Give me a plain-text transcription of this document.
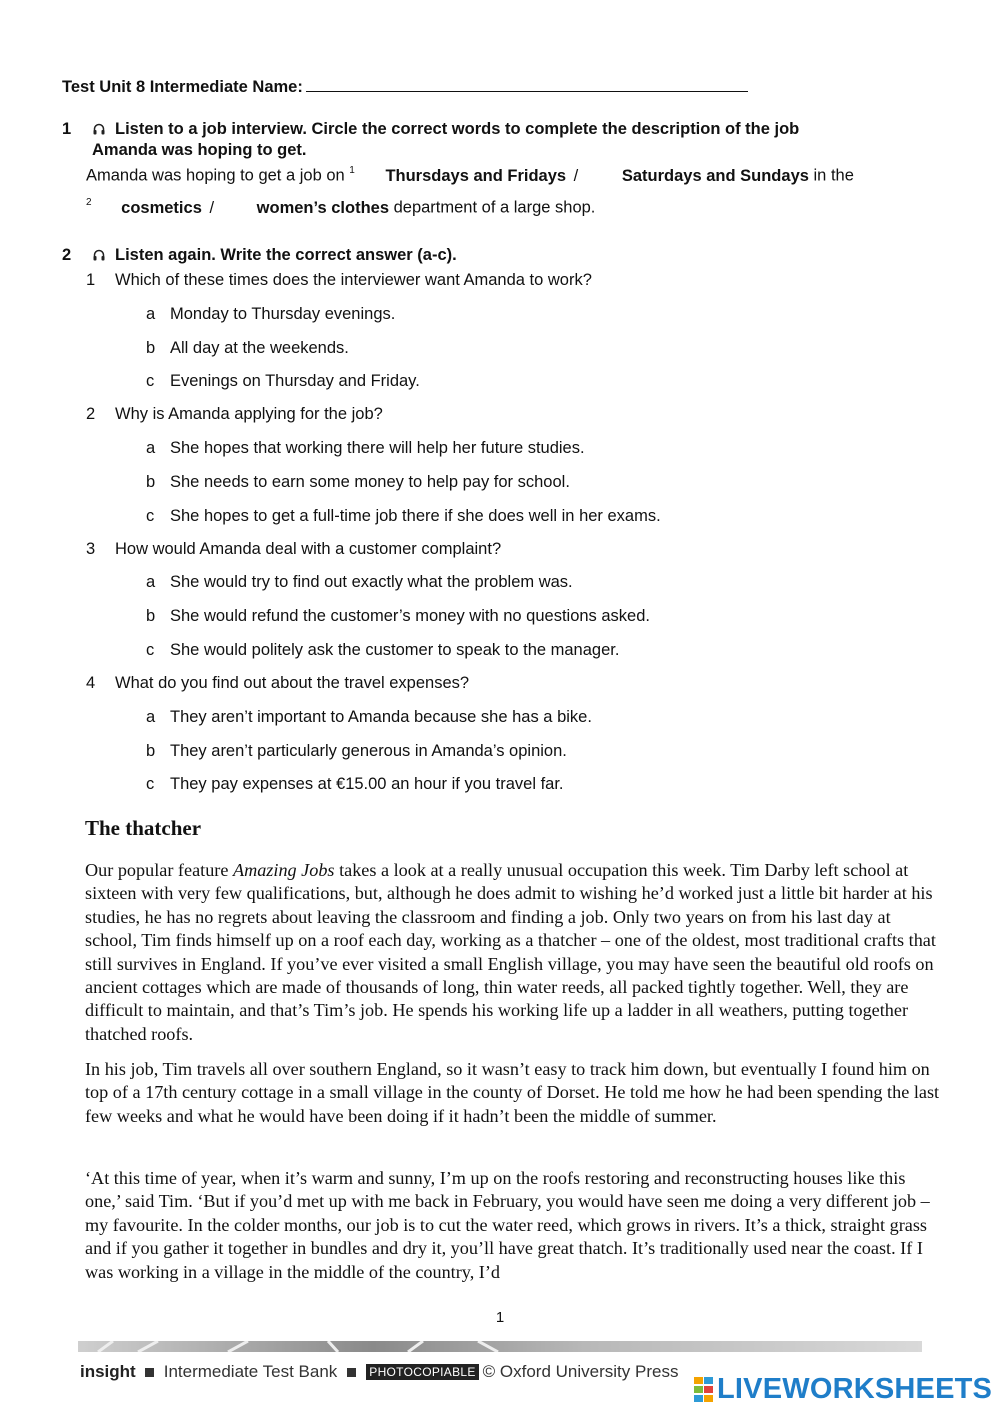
Test Unit 8 Intermediate Name:
1	Listen to a job interview. Circle the correct words to complete the description of the job
Amanda was hoping to get.
Amanda was hoping to get a job on $^1$ Thursdays and Fridays /	Saturdays and Sundays in the
$^2$ cosmetics /	women’s clothes department of a large shop.
2	Listen again. Write the correct answer (a-c).
1 Which of these times does the interviewer want Amanda to work?
a Monday to Thursday evenings.
b All day at the weekends.
c Evenings on Thursday and Friday.
2 Why is Amanda applying for the job?
a She hopes that working there will help her future studies.
b She needs to earn some money to help pay for school.
c She hopes to get a full-time job there if she does well in her exams.
3 How would Amanda deal with a customer complaint?
a She would try to find out exactly what the problem was.
b She would refund the customer’s money with no questions asked.
c She would politely ask the customer to speak to the manager.
4 What do you find out about the travel expenses?
a They aren’t important to Amanda because she has a bike.
b They aren’t particularly generous in Amanda’s opinion.
c They pay expenses at €15.00 an hour if you travel far.
The thatcher
Our popular feature Amazing Jobs takes a look at a really unusual occupation this week. Tim Darby left school at sixteen with very few qualifications, but, although he does admit to wishing he’d worked just a little bit harder at his studies, he has no regrets about leaving the classroom and finding a job. Only two years on from his last day at school, Tim finds himself up on a roof each day, working as a thatcher – one of the oldest, most traditional crafts that still survives in England. If you’ve ever visited a small English village, you may have seen the beautiful old roofs on ancient cottages which are made of thousands of long, thin water reeds, all packed tightly together. Well, they are difficult to maintain, and that’s Tim’s job. He spends his working life up a ladder in all weathers, putting together thatched roofs.
In his job, Tim travels all over southern England, so it wasn’t easy to track him down, but eventually I found him on top of a 17th century cottage in a small village in the county of Dorset. He told me how he had been spending the last few weeks and what he would have been doing if it hadn’t been the middle of summer.
‘At this time of year, when it’s warm and sunny, I’m up on the roofs restoring and reconstructing houses like this one,’ said Tim. ‘But if you’d met up with me back in February, you would have seen me doing a very different job – my favourite. In the colder months, our job is to cut the water reed, which grows in rivers. It’s a thick, straight grass and if you gather it together in bundles and dry it, you’ll have great thatch. It’s traditionally used near the coast. If I was working in a village in the middle of the country, I’d
1
insight Intermediate Test Bank	PHOTOCOPIABLE © Oxford University Press
LIVEWORKSHEETS
